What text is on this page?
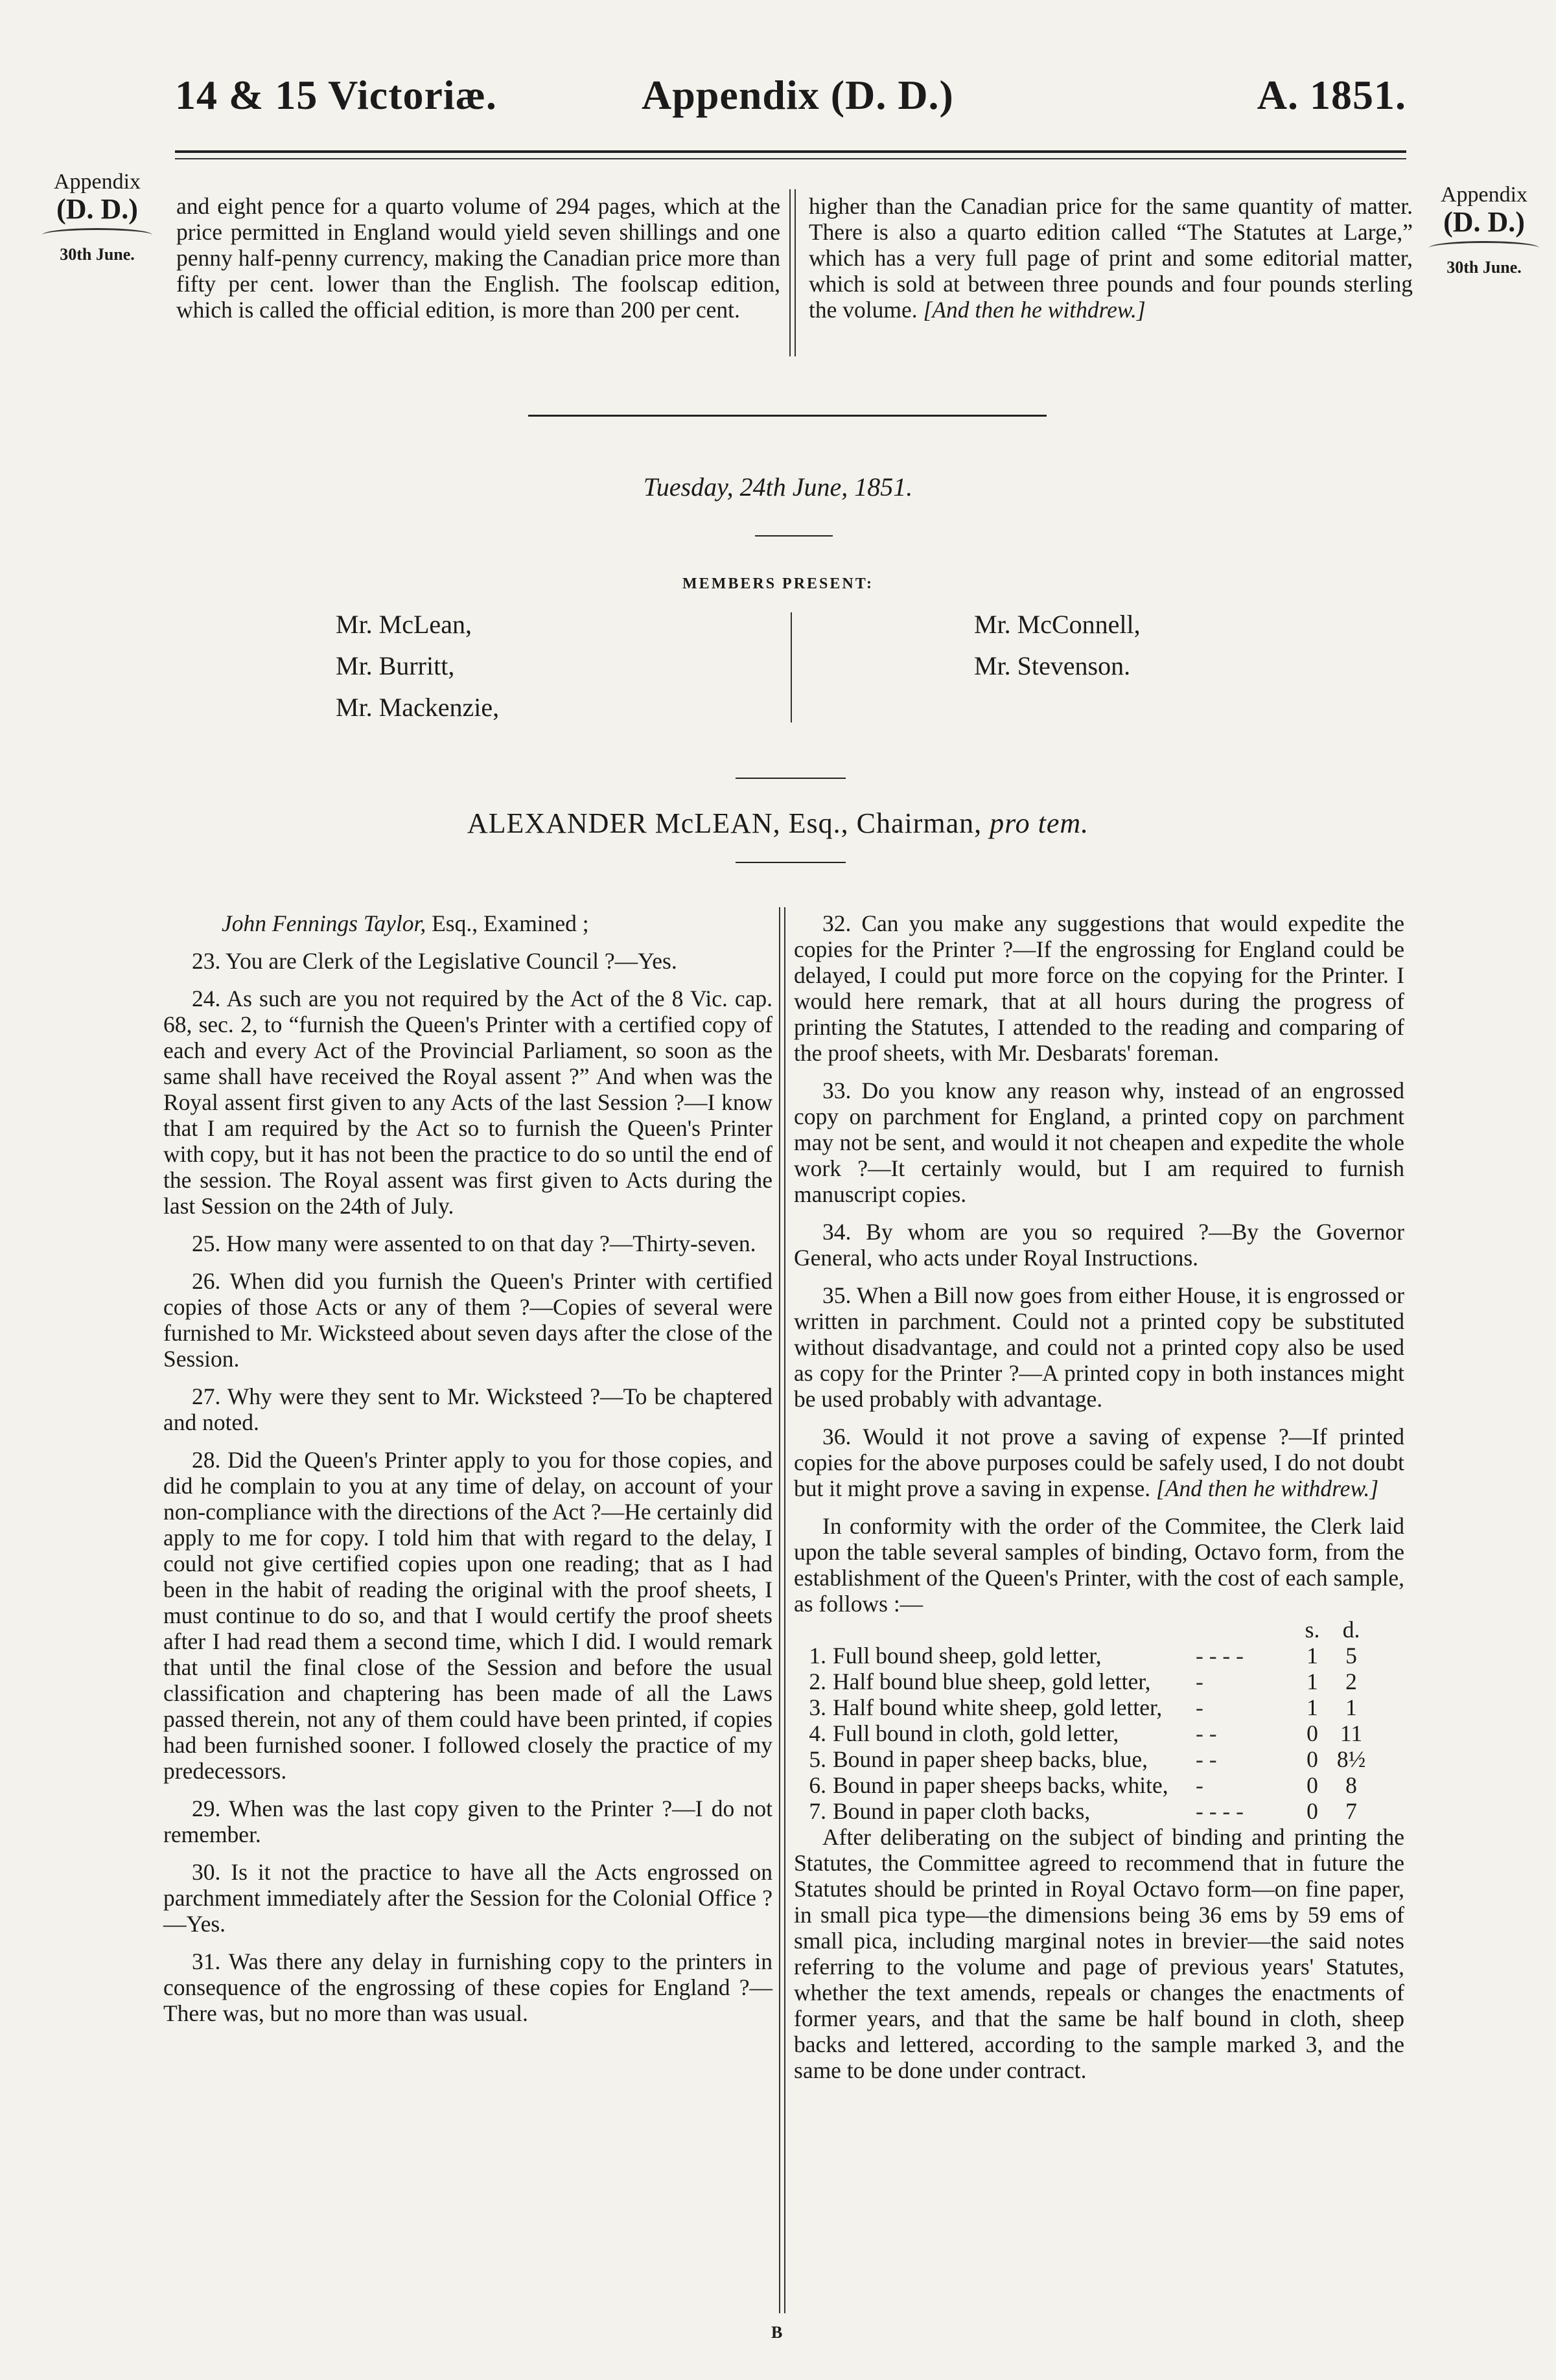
14 & 15 Victoriæ.	Appendix (D. D.)	A. 1851.
Appendix
(D. D.)
30th June.
Appendix
(D. D.)
30th June.

and eight pence for a quarto volume of 294 pages, which at the price permitted in England would yield seven shillings and one penny half-penny currency, making the Canadian price more than fifty per cent. lower than the English. The foolscap edition, which is called the official edition, is more than 200 per cent.

higher than the Canadian price for the same quantity of matter. There is also a quarto edition called “The Statutes at Large,” which has a very full page of print and some editorial matter, which is sold at between three pounds and four pounds sterling the volume. [And then he withdrew.]

Tuesday, 24th June, 1851.
MEMBERS PRESENT:
Mr. McLean,
Mr. Burritt,
Mr. Mackenzie,
Mr. McConnell,
Mr. Stevenson.
ALEXANDER McLEAN, Esq., Chairman, pro tem.

John Fennings Taylor, Esq., Examined ;

23. You are Clerk of the Legislative Council ?—Yes.

24. As such are you not required by the Act of the 8 Vic. cap. 68, sec. 2, to “furnish the Queen's Printer with a certified copy of each and every Act of the Provincial Parliament, so soon as the same shall have received the Royal assent ?” And when was the Royal assent first given to any Acts of the last Session ?—I know that I am required by the Act so to furnish the Queen's Printer with copy, but it has not been the practice to do so until the end of the session. The Royal assent was first given to Acts during the last Session on the 24th of July.

25. How many were assented to on that day ?—Thirty-seven.

26. When did you furnish the Queen's Printer with certified copies of those Acts or any of them ?—Copies of several were furnished to Mr. Wicksteed about seven days after the close of the Session.

27. Why were they sent to Mr. Wicksteed ?—To be chaptered and noted.

28. Did the Queen's Printer apply to you for those copies, and did he complain to you at any time of delay, on account of your non-compliance with the directions of the Act ?—He certainly did apply to me for copy. I told him that with regard to the delay, I could not give certified copies upon one reading; that as I had been in the habit of reading the original with the proof sheets, I must continue to do so, and that I would certify the proof sheets after I had read them a second time, which I did. I would remark that until the final close of the Session and before the usual classification and chaptering has been made of all the Laws passed therein, not any of them could have been printed, if copies had been furnished sooner. I followed closely the practice of my predecessors.

29. When was the last copy given to the Printer ?—I do not remember.

30. Is it not the practice to have all the Acts engrossed on parchment immediately after the Session for the Colonial Office ?—Yes.

31. Was there any delay in furnishing copy to the printers in consequence of the engrossing of these copies for England ?—There was, but no more than was usual.

32. Can you make any suggestions that would expedite the copies for the Printer ?—If the engrossing for England could be delayed, I could put more force on the copying for the Printer. I would here remark, that at all hours during the progress of printing the Statutes, I attended to the reading and comparing of the proof sheets, with Mr. Desbarats' foreman.

33. Do you know any reason why, instead of an engrossed copy on parchment for England, a printed copy on parchment may not be sent, and would it not cheapen and expedite the whole work ?—It certainly would, but I am required to furnish manuscript copies.

34. By whom are you so required ?—By the Governor General, who acts under Royal Instructions.

35. When a Bill now goes from either House, it is engrossed or written in parchment. Could not a printed copy be substituted without disadvantage, and could not a printed copy also be used as copy for the Printer ?—A printed copy in both instances might be used probably with advantage.

36. Would it not prove a saving of expense ?—If printed copies for the above purposes could be safely used, I do not doubt but it might prove a saving in expense. [And then he withdrew.]

In conformity with the order of the Commitee, the Clerk laid upon the table several samples of binding, Octavo form, from the establishment of the Queen's Printer, with the cost of each sample, as follows :—

			s.	d.
1.	Full bound sheep, gold letter,	- - - -	1	5
2.	Half bound blue sheep, gold letter,	-	1	2
3.	Half bound white sheep, gold letter,	-	1	1
4.	Full bound in cloth, gold letter,	- -	0	11
5.	Bound in paper sheep backs, blue,	- -	0	8½
6.	Bound in paper sheeps backs, white,	-	0	8
7.	Bound in paper cloth backs,	- - - -	0	7

After deliberating on the subject of binding and printing the Statutes, the Committee agreed to recommend that in future the Statutes should be printed in Royal Octavo form—on fine paper, in small pica type—the dimensions being 36 ems by 59 ems of small pica, including marginal notes in brevier—the said notes referring to the volume and page of previous years' Statutes, whether the text amends, repeals or changes the enactments of former years, and that the same be half bound in cloth, sheep backs and lettered, according to the sample marked 3, and the same to be done under contract.

B
